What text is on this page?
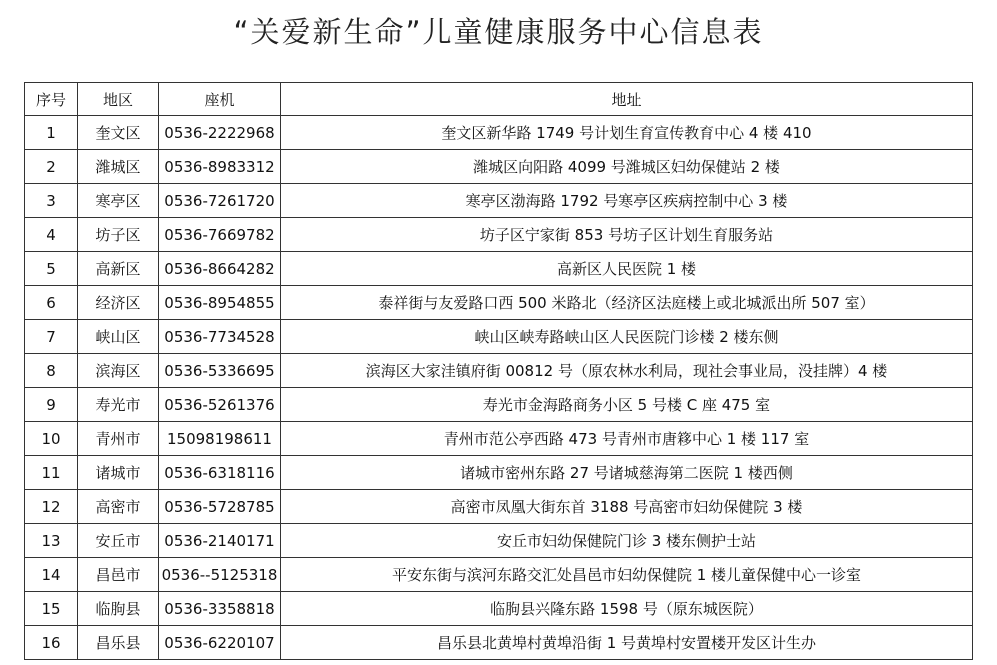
“关爱新生命”儿童健康服务中心信息表
序号	地区	座机	地址
1	奎文区	0536-2222968	奎文区新华路 1749 号计划生育宣传教育中心 4 楼 410
2	潍城区	0536-8983312	潍城区向阳路 4099 号潍城区妇幼保健站 2 楼
3	寒亭区	0536-7261720	寒亭区渤海路 1792 号寒亭区疾病控制中心 3 楼
4	坊子区	0536-7669782	坊子区宁家街 853 号坊子区计划生育服务站
5	高新区	0536-8664282	高新区人民医院 1 楼
6	经济区	0536-8954855	泰祥街与友爱路口西 500 米路北（经济区法庭楼上或北城派出所 507 室）
7	峡山区	0536-7734528	峡山区峡寿路峡山区人民医院门诊楼 2 楼东侧
8	滨海区	0536-5336695	滨海区大家洼镇府街 00812 号（原农林水利局，现社会事业局，没挂牌）4 楼
9	寿光市	0536-5261376	寿光市金海路商务小区 5 号楼 C 座 475 室
10	青州市	15098198611	青州市范公亭西路 473 号青州市唐簃中心 1 楼 117 室
11	诸城市	0536-6318116	诸城市密州东路 27 号诸城慈海第二医院 1 楼西侧
12	高密市	0536-5728785	高密市凤凰大街东首 3188 号高密市妇幼保健院 3 楼
13	安丘市	0536-2140171	安丘市妇幼保健院门诊 3 楼东侧护士站
14	昌邑市	0536--5125318	平安东街与滨河东路交汇处昌邑市妇幼保健院 1 楼儿童保健中心一诊室
15	临朐县	0536-3358818	临朐县兴隆东路 1598 号（原东城医院）
16	昌乐县	0536-6220107	昌乐县北黄埠村黄埠沿街 1 号黄埠村安置楼开发区计生办
